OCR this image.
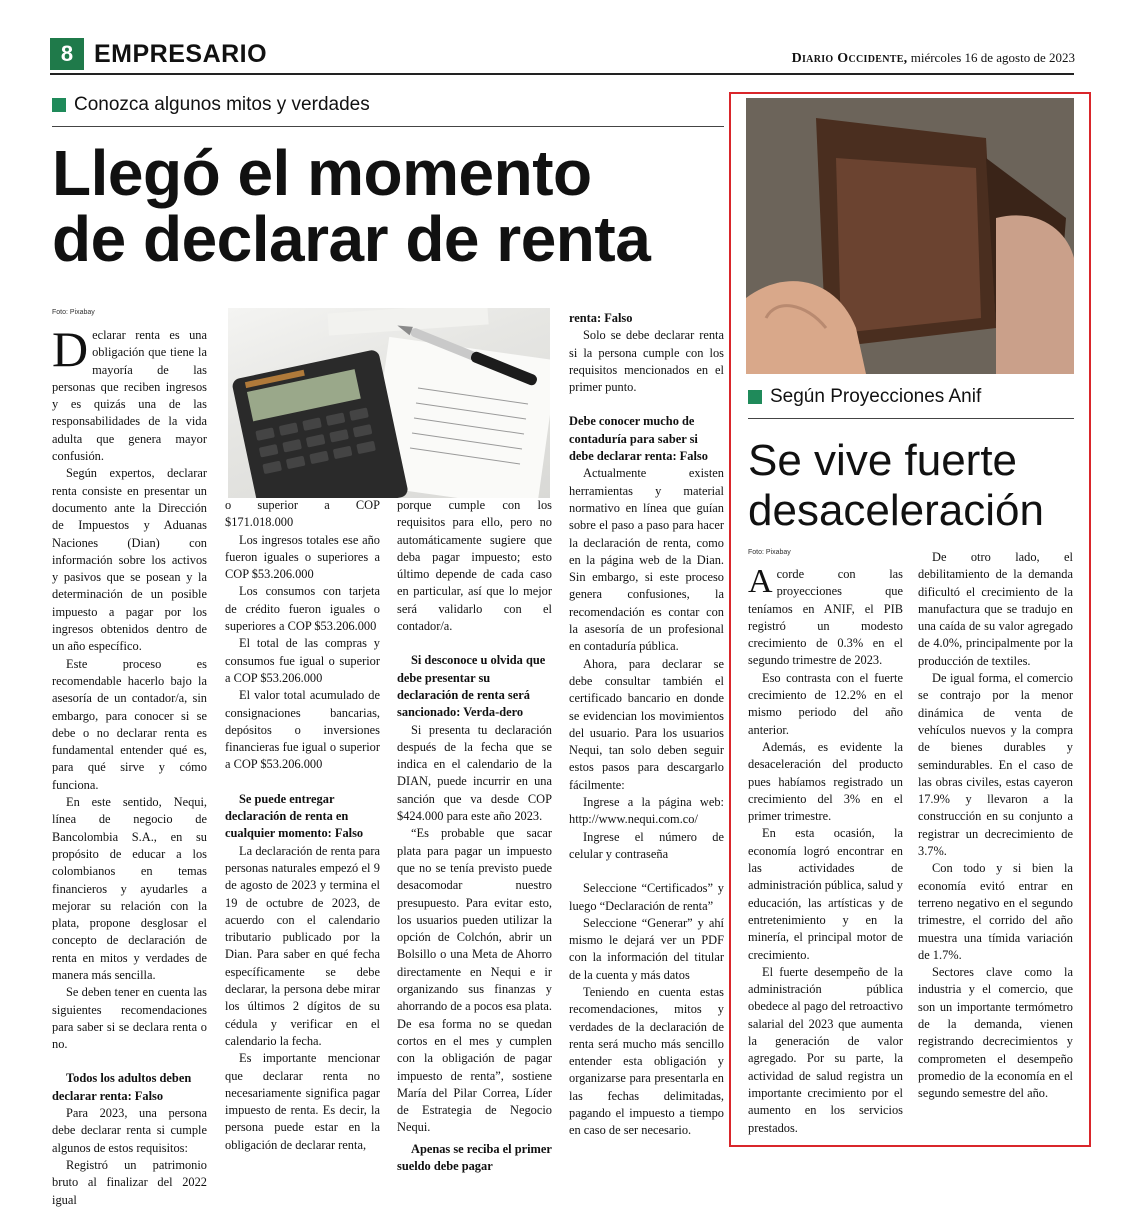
8 EMPRESARIO	Diario Occidente, miércoles 16 de agosto de 2023
Conozca algunos mitos y verdades
Llegó el momento
de declarar de renta
Foto: Pixabay

Declarar renta es una obligación que tiene la mayoría de las personas que reciben ingresos y es quizás una de las responsabilidades de la vida adulta que genera mayor confusión.

Según expertos, declarar renta consiste en presentar un documento ante la Dirección de Impuestos y Aduanas Naciones (Dian) con información sobre los activos y pasivos que se posean y la determinación de un posible impuesto a pagar por los ingresos obtenidos dentro de un año específico.

Este proceso es recomendable hacerlo bajo la asesoría de un contador/a, sin embargo, para conocer si se debe o no declarar renta es fundamental entender qué es, para qué sirve y cómo funciona.

En este sentido, Nequi, línea de negocio de Bancolombia S.A., en su propósito de educar a los colombianos en temas financieros y ayudarles a mejorar su relación con la plata, propone desglosar el concepto de declaración de renta en mitos y verdades de manera más sencilla.

Se deben tener en cuenta las siguientes recomendaciones para saber si se declara renta o no.

Todos los adultos deben declarar renta: Falso

Para 2023, una persona debe declarar renta si cumple algunos de estos requisitos:

Registró un patrimonio bruto al finalizar del 2022 igual

o superior a COP $171.018.000

Los ingresos totales ese año fueron iguales o superiores a COP $53.206.000

Los consumos con tarjeta de crédito fueron iguales o superiores a COP $53.206.000

El total de las compras y consumos fue igual o superior a COP $53.206.000

El valor total acumulado de consignaciones bancarias, depósitos o inversiones financieras fue igual o superior a COP $53.206.000

Se puede entregar declaración de renta en cualquier momento: Falso

La declaración de renta para personas naturales empezó el 9 de agosto de 2023 y termina el 19 de octubre de 2023, de acuerdo con el calendario tributario publicado por la Dian. Para saber en qué fecha específicamente se debe declarar, la persona debe mirar los últimos 2 dígitos de su cédula y verificar en el calendario la fecha.

Es importante mencionar que declarar renta no necesariamente significa pagar impuesto de renta. Es decir, la persona puede estar en la obligación de declarar renta,

porque cumple con los requisitos para ello, pero no automáticamente sugiere que deba pagar impuesto; esto último depende de cada caso en particular, así que lo mejor será validarlo con el contador/a.

Si desconoce u olvida que debe presentar su declaración de renta será sancionado: Verda-dero

Si presenta tu declaración después de la fecha que se indica en el calendario de la DIAN, puede incurrir en una sanción que va desde COP $424.000 para este año 2023.

“Es probable que sacar plata para pagar un impuesto que no se tenía previsto puede desacomodar nuestro presupuesto. Para evitar esto, los usuarios pueden utilizar la opción de Colchón, abrir un Bolsillo o una Meta de Ahorro directamente en Nequi e ir organizando sus finanzas y ahorrando de a pocos esa plata. De esa forma no se quedan cortos en el mes y cumplen con la obligación de pagar impuesto de renta”, sostiene María del Pilar Correa, Líder de Estrategia de Negocio Nequi.

Apenas se reciba el primer sueldo debe pagar
renta: Falso

Solo se debe declarar renta si la persona cumple con los requisitos mencionados en el primer punto.

Debe conocer mucho de contaduría para saber si debe declarar renta: Falso

Actualmente existen herramientas y material normativo en línea que guían sobre el paso a paso para hacer la declaración de renta, como en la página web de la Dian. Sin embargo, si este proceso genera confusiones, la recomendación es contar con la asesoría de un profesional en contaduría pública.

Ahora, para declarar se debe consultar también el certificado bancario en donde se evidencian los movimientos del usuario. Para los usuarios Nequi, tan solo deben seguir estos pasos para descargarlo fácilmente:

Ingrese a la página web: http://www.nequi.com.co/

Ingrese el número de celular y contraseña

Seleccione “Certificados” y luego “Declaración de renta”

Seleccione “Generar” y ahí mismo le dejará ver un PDF con la información del titular de la cuenta y más datos

Teniendo en cuenta estas recomendaciones, mitos y verdades de la declaración de renta será mucho más sencillo entender esta obligación y organizarse para presentarla en las fechas delimitadas, pagando el impuesto a tiempo en caso de ser necesario.

Según Proyecciones Anif
Se vive fuerte
desaceleración
Foto: Pixabay

Acorde con las proyecciones que teníamos en ANIF, el PIB registró un modesto crecimiento de 0.3% en el segundo trimestre de 2023.

Eso contrasta con el fuerte crecimiento de 12.2% en el mismo periodo del año anterior.

Además, es evidente la desaceleración del producto pues habíamos registrado un crecimiento del 3% en el primer trimestre.

En esta ocasión, la economía logró encontrar en las actividades de administración pública, salud y educación, las artísticas y de entretenimiento y en la minería, el principal motor de crecimiento.

El fuerte desempeño de la administración pública obedece al pago del retroactivo salarial del 2023 que aumenta la generación de valor agregado. Por su parte, la actividad de salud registra un importante crecimiento por el aumento en los servicios prestados.

De otro lado, el debilitamiento de la demanda dificultó el crecimiento de la manufactura que se tradujo en una caída de su valor agregado de 4.0%, principalmente por la producción de textiles.

De igual forma, el comercio se contrajo por la menor dinámica de venta de vehículos nuevos y la compra de bienes durables y semindurables. En el caso de las obras civiles, estas cayeron 17.9% y llevaron a la construcción en su conjunto a registrar un decrecimiento de 3.7%.

Con todo y si bien la economía evitó entrar en terreno negativo en el segundo trimestre, el corrido del año muestra una tímida variación de 1.7%.

Sectores clave como la industria y el comercio, que son un importante termómetro de la demanda, vienen registrando decrecimientos y comprometen el desempeño promedio de la economía en el segundo semestre del año.
